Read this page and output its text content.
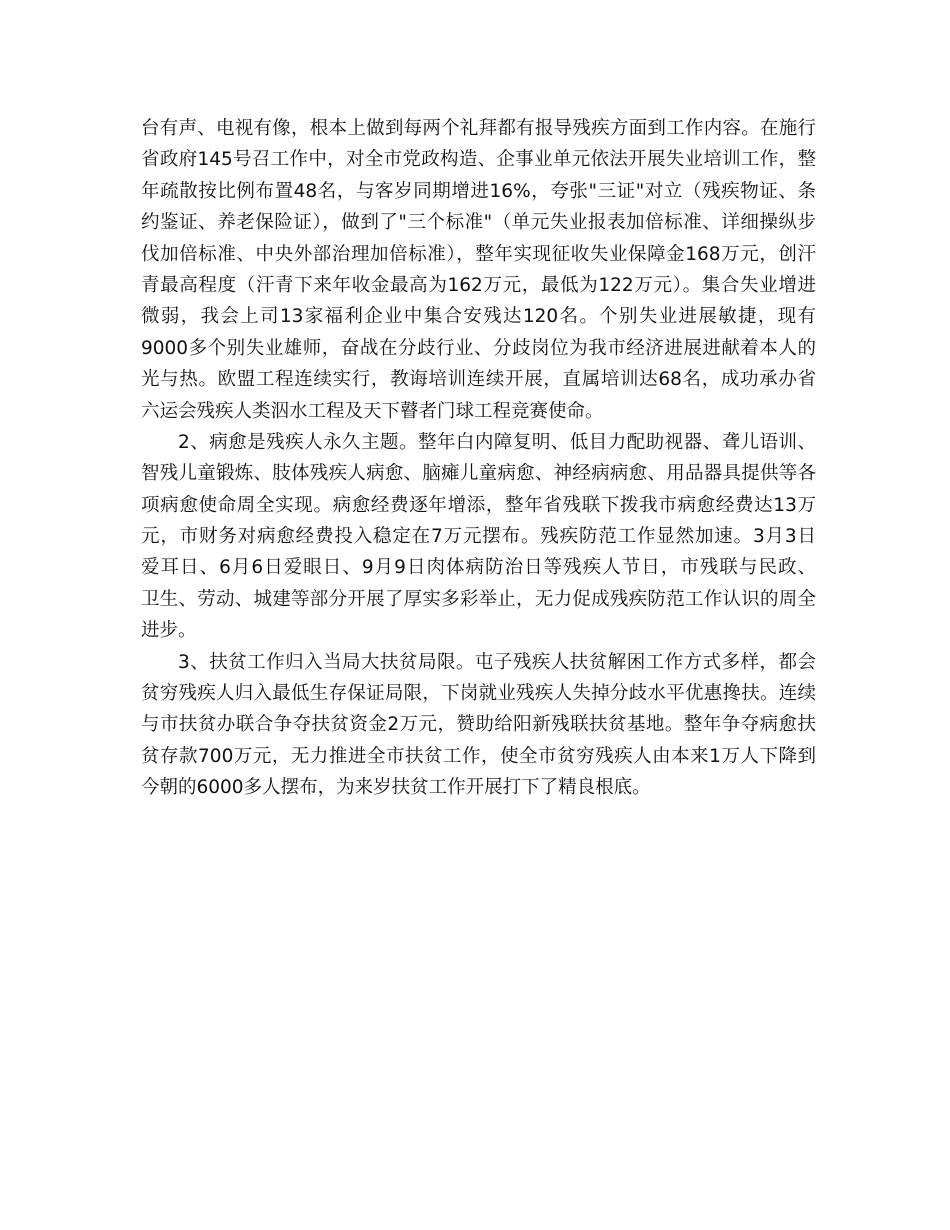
台有声、电视有像，根本上做到每两个礼拜都有报导残疾方面到工作内容。在施行
省政府145号召工作中，对全市党政构造、企事业单元依法开展失业培训工作，整
年疏散按比例布置48名，与客岁同期增进16%，夸张"三证"对立（残疾物证、条
约鉴证、养老保险证），做到了"三个标准"（单元失业报表加倍标准、详细操纵步
伐加倍标准、中央外部治理加倍标准），整年实现征收失业保障金168万元，创汗
青最高程度（汗青下来年收金最高为162万元，最低为122万元）。集合失业增进
微弱，我会上司13家福利企业中集合安残达120名。个别失业进展敏捷，现有
9000多个别失业雄师，奋战在分歧行业、分歧岗位为我市经济进展进献着本人的
光与热。欧盟工程连续实行，教诲培训连续开展，直属培训达68名，成功承办省
六运会残疾人类泅水工程及天下瞽者门球工程竞赛使命。
2、病愈是残疾人永久主题。整年白内障复明、低目力配助视器、聋儿语训、
智残儿童锻炼、肢体残疾人病愈、脑瘫儿童病愈、神经病病愈、用品器具提供等各
项病愈使命周全实现。病愈经费逐年增添，整年省残联下拨我市病愈经费达13万
元，市财务对病愈经费投入稳定在7万元摆布。残疾防范工作显然加速。3月3日
爱耳日、6月6日爱眼日、9月9日肉体病防治日等残疾人节日，市残联与民政、
卫生、劳动、城建等部分开展了厚实多彩举止，无力促成残疾防范工作认识的周全
进步。
3、扶贫工作归入当局大扶贫局限。屯子残疾人扶贫解困工作方式多样，都会
贫穷残疾人归入最低生存保证局限，下岗就业残疾人失掉分歧水平优惠搀扶。连续
与市扶贫办联合争夺扶贫资金2万元，赞助给阳新残联扶贫基地。整年争夺病愈扶
贫存款700万元，无力推进全市扶贫工作，使全市贫穷残疾人由本来1万人下降到
今朝的6000多人摆布，为来岁扶贫工作开展打下了精良根底。
